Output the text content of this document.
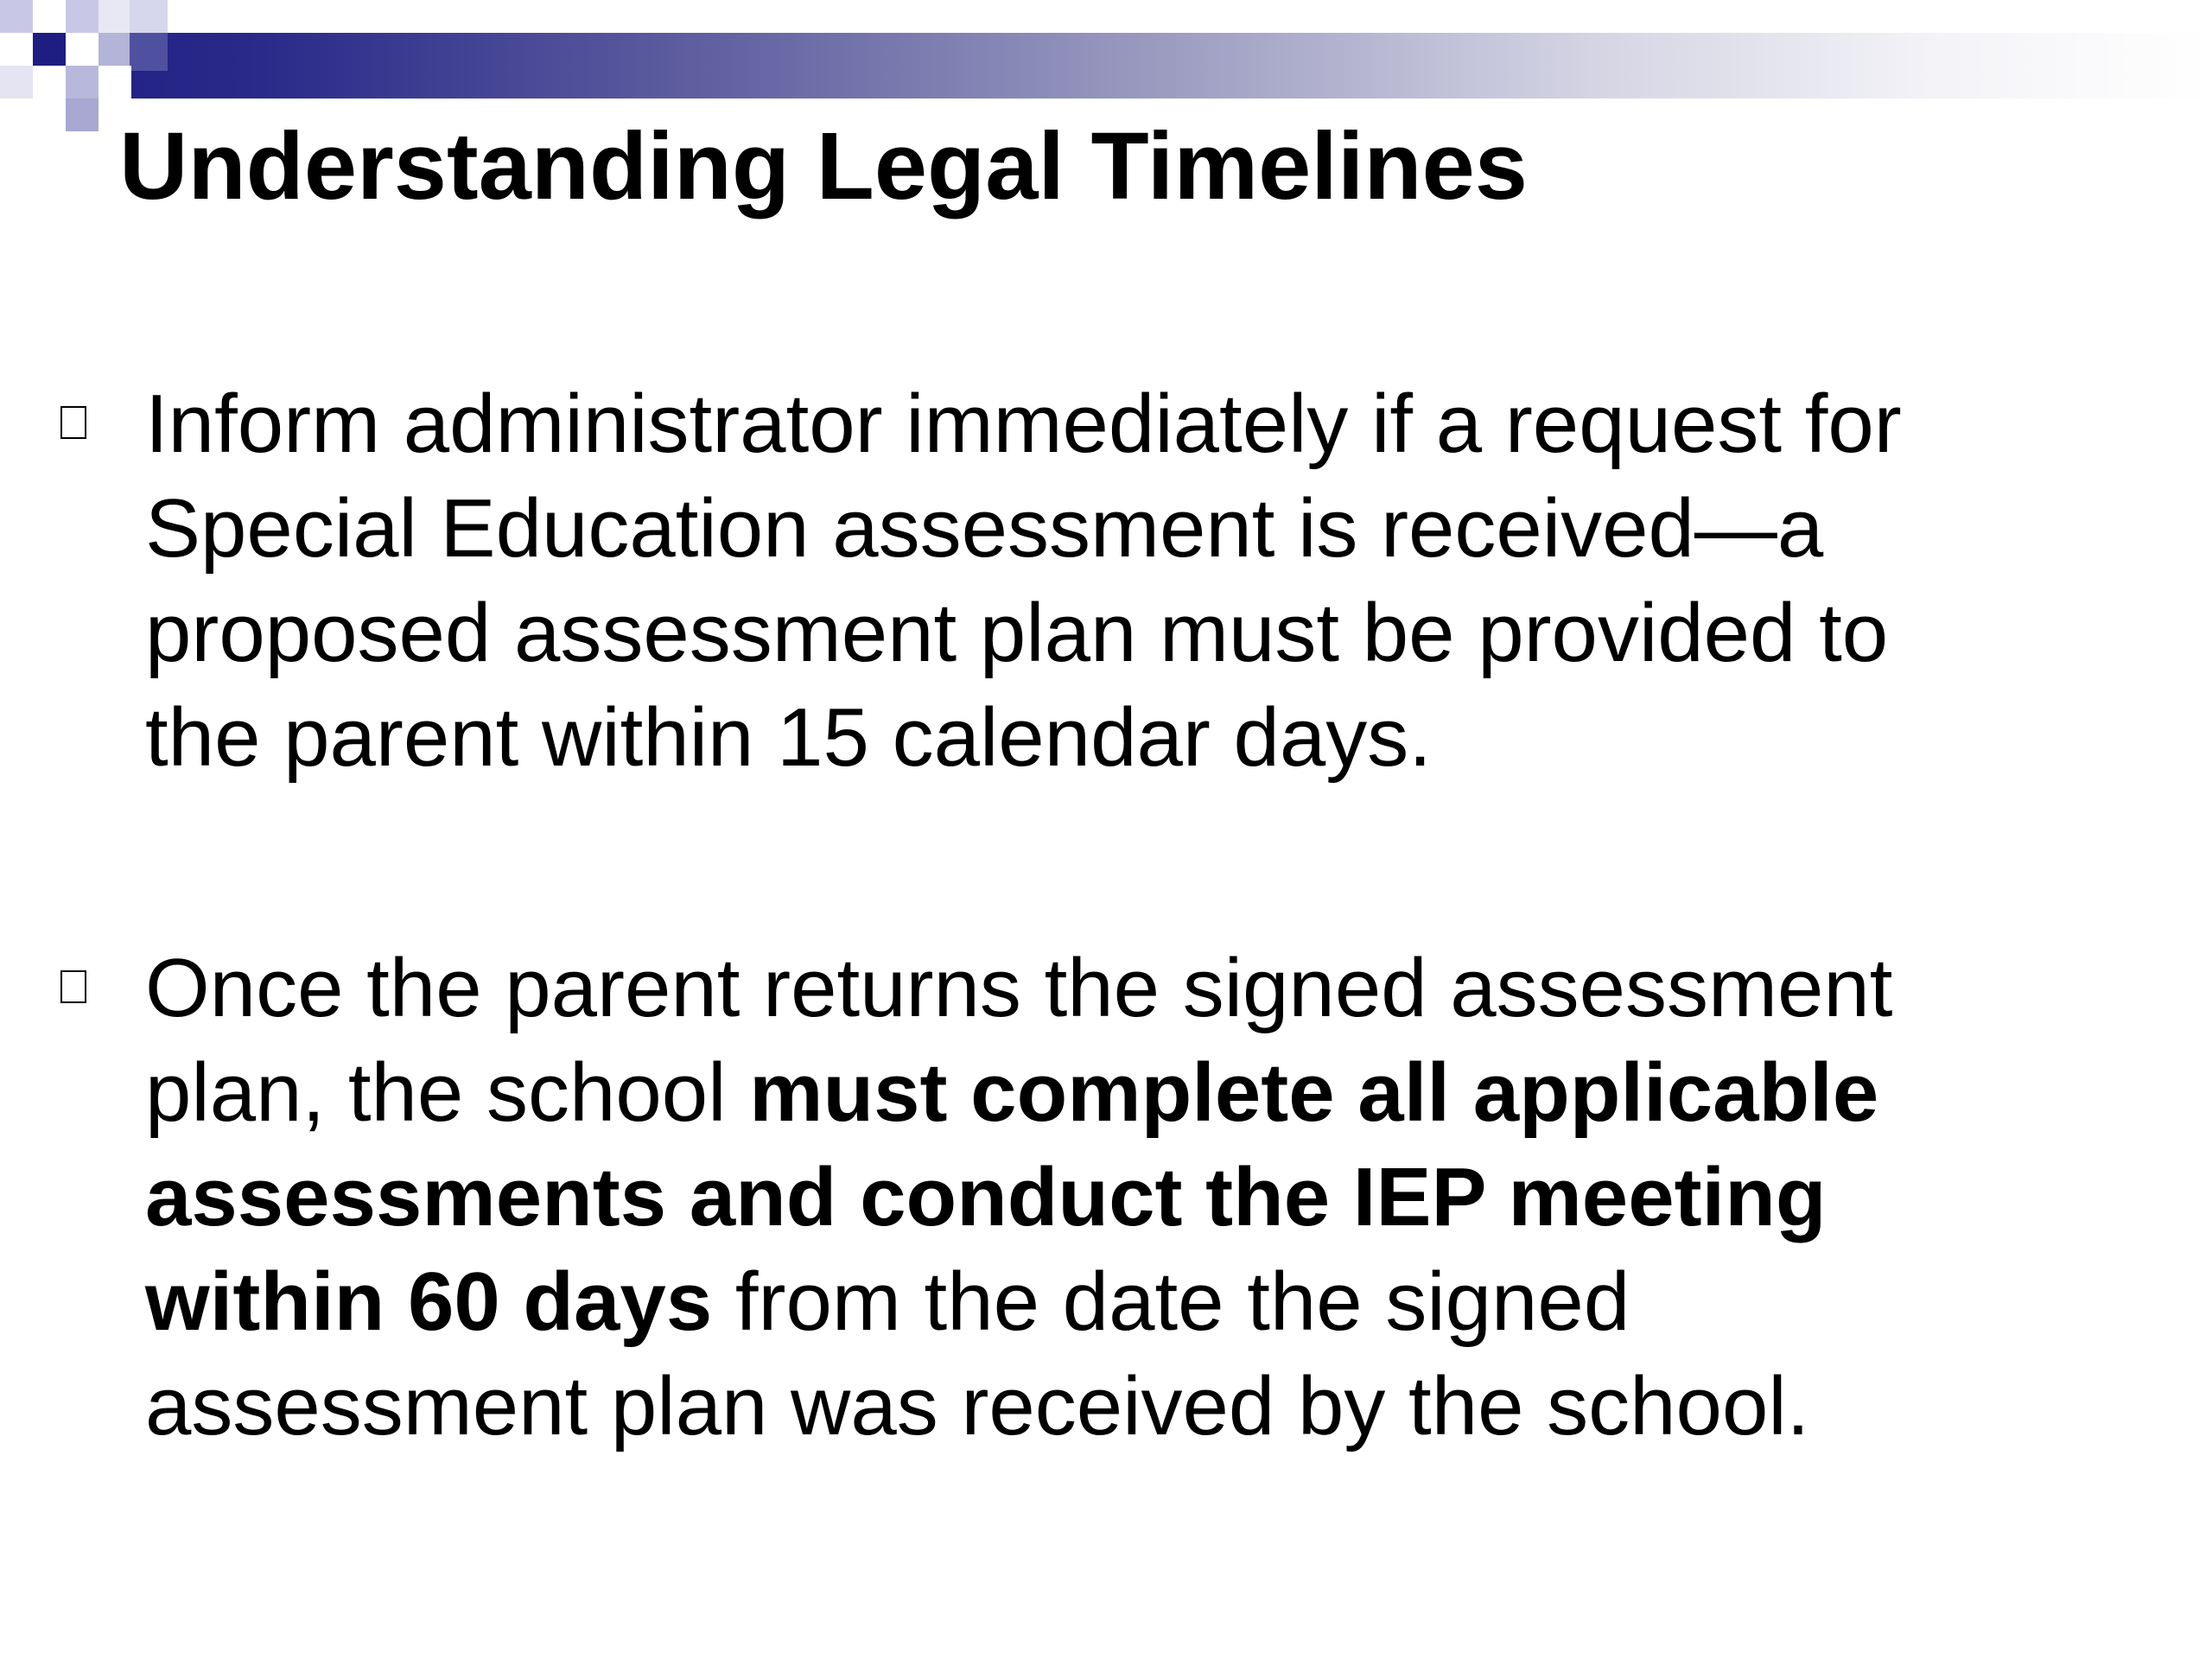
Understanding Legal Timelines

Inform administrator immediately if a request for
Special Education assessment is received—a
proposed assessment plan must be provided to
the parent within 15 calendar days.

Once the parent returns the signed assessment
plan, the school must complete all applicable
assessments and conduct the IEP meeting
within 60 days from the date the signed
assessment plan was received by the school.
